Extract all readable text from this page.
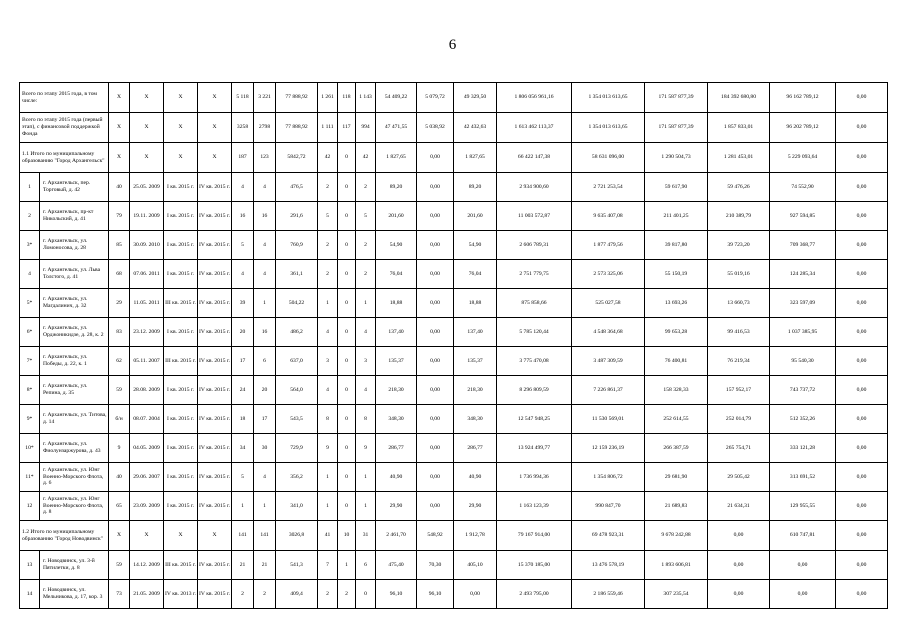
6
Всего по этапу 2015 года, в том числе:		X	X	X	X	5 118	3 221	77 888,92	1 261	118	1 143	54 409,22	5 079,72	49 329,50	1 806 056 961,16	1 354 013 613,65	171 587 877,39	184 392 680,80	96 162 789,12	0,00
Всего по этапу 2015 года (первый этап), с финансовой поддержкой Фонда		X	X	X	X	3258	2798	77 888,92	1 111	117	994	47 471,55	5 038,92	42 432,63	1 613 462 113,37	1 354 013 613,65	171 587 877,39	1 857 833,01	96 202 789,12	0,00
1.1 Итого по муниципальному образованию "Город Архангельск"		X	X	X	X	187	123	5842,72	42	0	42	1 827,65	0,00	1 827,65	66 422 147,38	58 631 096,00	1 290 504,73	1 281 453,01	5 229 093,64	0,00
1	г. Архангельск, пер. Торговый, д. 42	40	25.05. 2009	I кв. 2015 г.	IV кв. 2015 г.	4	4	476,5	2	0	2	89,20	0,00	89,20	2 934 900,60	2 721 253,54	59 617,90	59 476,26	74 552,90	0,00
2	г. Архангельск, пр-кт Никольский, д. 41	79	19.11. 2009	I кв. 2015 г.	IV кв. 2015 г.	16	16	291,6	5	0	5	201,60	0,00	201,60	11 003 572,87	9 635 407,08	211 401,25	210 389,79	927 594,85	0,00
3*	г. Архангельск, ул. Ломоносова, д. 28	85	30.09. 2010	I кв. 2015 г.	IV кв. 2015 г.	5	4	760,9	2	0	2	54,90	0,00	54,90	2 606 789,31	1 877 479,56	39 817,80	39 723,20	709 368,77	0,00
4	г. Архангельск, ул. Льва Толстого, д. 41	68	07.06. 2011	I кв. 2015 г.	IV кв. 2015 г.	4	4	361,1	2	0	2	76,04	0,00	76,04	2 751 779,75	2 573 325,06	55 150,19	55 019,16	124 285,34	0,00
5*	г. Архангельск, ул. Магдалинич, д. 32	29	11.05. 2011	III кв. 2015 г.	IV кв. 2015 г.	39	1	504,22	1	0	1	18,88	0,00	18,88	875 858,66	525 027,58	13 693,26	13 660,73	323 597,09	0,00
6*	г. Архангельск, ул. Орджоникидзе, д. 28, к. 2	83	23.12. 2009	I кв. 2015 г.	IV кв. 2015 г.	20	16	486,2	4	0	4	137,40	0,00	137,40	5 785 120,44	4 548 364,68	99 653,28	99 416,53	1 037 385,95	0,00
7*	г. Архангельск, ул. Победы, д. 22, к. 1	62	05.11. 2007	III кв. 2015 г.	IV кв. 2015 г.	17	6	637,0	3	0	3	135,37	0,00	135,37	3 775 470,08	3 487 309,59	76 400,81	76 219,34	95 540,30	0,00
8*	г. Архангельск, ул. Репина, д. 35	59	28.08. 2009	I кв. 2015 г.	IV кв. 2015 г.	24	20	564,0	4	0	4	218,30	0,00	218,30	8 296 809,59	7 226 861,37	158 328,33	157 952,17	743 737,72	0,00
9*	г. Архангельск, ул. Титова, д. 14	б/н	08.07. 2004	I кв. 2015 г.	IV кв. 2015 г.	18	17	543,5	8	0	8	348,30	0,00	348,30	12 547 948,25	11 530 569,01	252 614,55	252 014,79	512 352,26	0,00
10*	г. Архангельск, ул. Фиолунзаржурова, д. 43	9	04.05. 2009	I кв. 2015 г.	IV кв. 2015 г.	34	30	729,9	9	0	9	286,77	0,00	286,77	13 924 499,77	12 159 236,19	266 387,59	265 754,71	333 121,28	0,00
11*	г. Архангельск, ул. Юнг Военно-Морского Флота, д. 6	40	29.06. 2007	I кв. 2015 г.	IV кв. 2015 г.	5	4	356,2	1	0	1	40,90	0,00	40,90	1 736 994,36	1 354 806,72	29 681,90	29 505,42	313 691,52	0,00
12	г. Архангельск, ул. Юнг Военно-Морского Флота, д. 8	65	23.09. 2009	I кв. 2015 г.	IV кв. 2015 г.	1	1	341,0	1	0	1	29,90	0,00	29,90	1 163 123,39	990 847,70	21 689,83	21 634,31	129 955,55	0,00
1.2 Итого по муниципальному образованию "Город Новодвинск"		X	X	X	X	141	141	3026,8	41	10	31	2 461,70	548,92	1 912,78	79 167 914,00	69 478 923,31	9 678 242,88	0,00	610 747,81	0,00
13	г. Новодвинск, ул. 3-й Пятилетки, д. 8	59	14.12. 2009	III кв. 2015 г.	IV кв. 2015 г.	21	21	541,3	7	1	6	475,40	70,30	405,10	15 370 185,00	13 476 578,19	1 893 606,81	0,00	0,00	0,00
14	г. Новодвинск, ул. Мельникова, д. 17, кор. 3	73	21.05. 2009	IV кв. 2013 г.	IV кв. 2015 г.	2	2	409,4	2	2	0	96,10	96,10	0,00	2 493 795,00	2 186 559,46	307 235,54	0,00	0,00	0,00
